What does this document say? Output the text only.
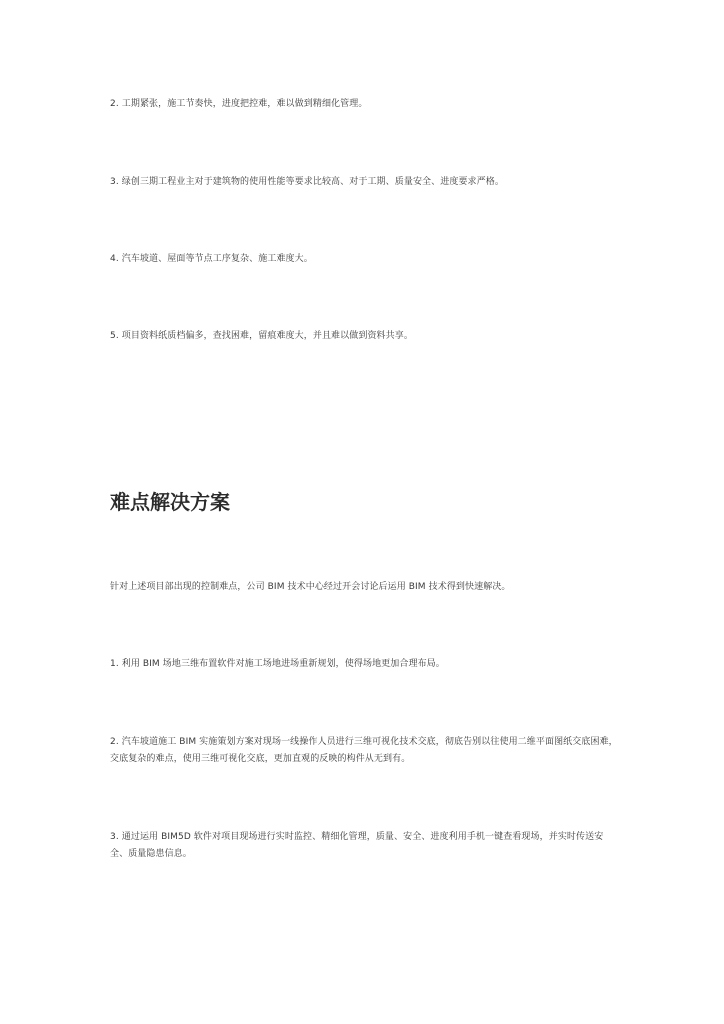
2. 工期紧张，施工节奏快，进度把控难，难以做到精细化管理。

3. 绿创三期工程业主对于建筑物的使用性能等要求比较高、对于工期、质量安全、进度要求严格。

4. 汽车坡道、屋面等节点工序复杂、施工难度大。

5. 项目资料纸质档偏多，查找困难，留痕难度大，并且难以做到资料共享。

难点解决方案

针对上述项目部出现的控制难点，公司 BIM 技术中心经过开会讨论后运用 BIM 技术得到快速解决。

1. 利用 BIM 场地三维布置软件对施工场地进场重新规划，使得场地更加合理布局。

2. 汽车坡道施工 BIM 实施策划方案对现场一线操作人员进行三维可视化技术交底，彻底告别以往使用二维平面图纸交底困难，交底复杂的难点，使用三维可视化交底，更加直观的反映的构件从无到有。

3. 通过运用 BIM5D 软件对项目现场进行实时监控、精细化管理，质量、安全、进度利用手机一键查看现场，并实时传送安全、质量隐患信息。
